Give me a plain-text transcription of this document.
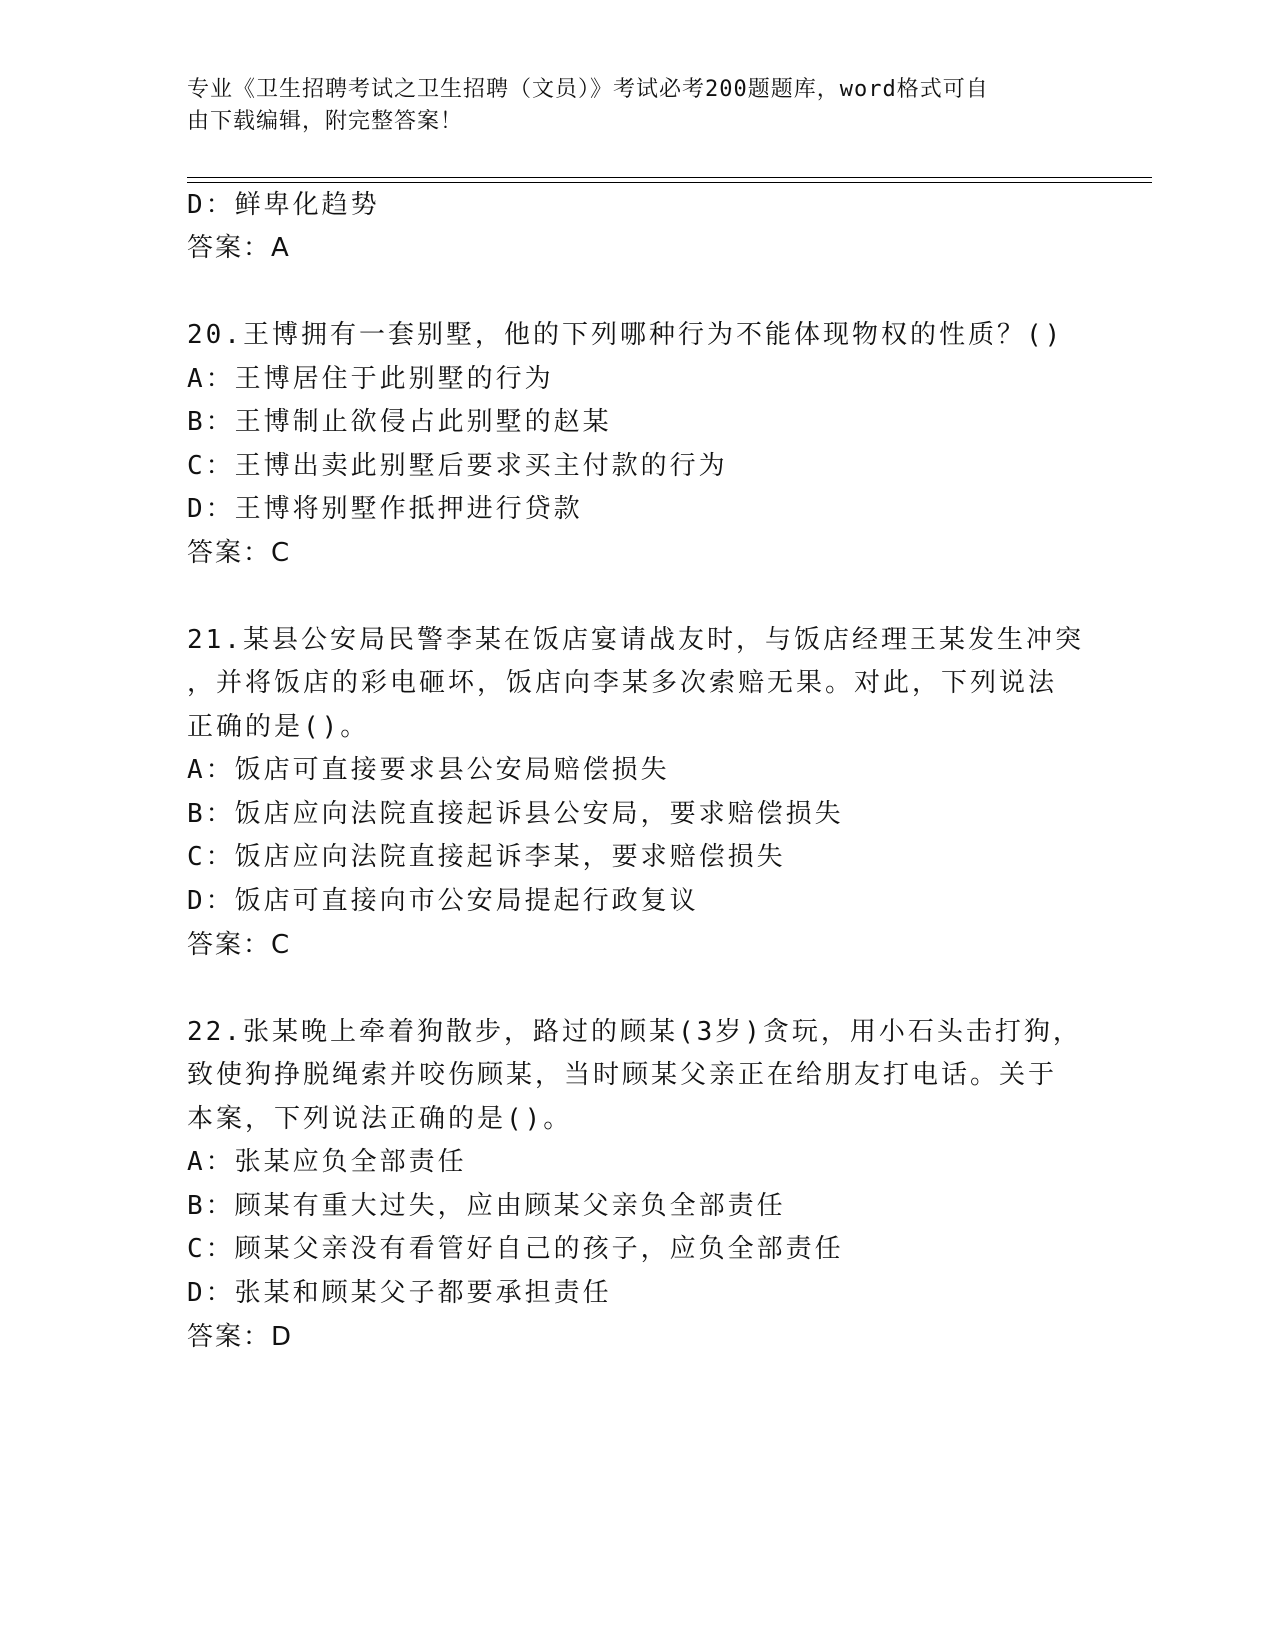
专业《卫生招聘考试之卫生招聘（文员）》考试必考200题题库，word格式可自
由下载编辑，附完整答案！
D：鲜卑化趋势
答案：A
20.王博拥有一套别墅，他的下列哪种行为不能体现物权的性质？()
A：王博居住于此别墅的行为
B：王博制止欲侵占此别墅的赵某
C：王博出卖此别墅后要求买主付款的行为
D：王博将别墅作抵押进行贷款
答案：C
21.某县公安局民警李某在饭店宴请战友时，与饭店经理王某发生冲突
，并将饭店的彩电砸坏，饭店向李某多次索赔无果。对此，下列说法
正确的是()。
A：饭店可直接要求县公安局赔偿损失
B：饭店应向法院直接起诉县公安局，要求赔偿损失
C：饭店应向法院直接起诉李某，要求赔偿损失
D：饭店可直接向市公安局提起行政复议
答案：C
22.张某晚上牵着狗散步，路过的顾某(3岁)贪玩，用小石头击打狗，
致使狗挣脱绳索并咬伤顾某，当时顾某父亲正在给朋友打电话。关于
本案，下列说法正确的是()。
A：张某应负全部责任
B：顾某有重大过失，应由顾某父亲负全部责任
C：顾某父亲没有看管好自己的孩子，应负全部责任
D：张某和顾某父子都要承担责任
答案：D
